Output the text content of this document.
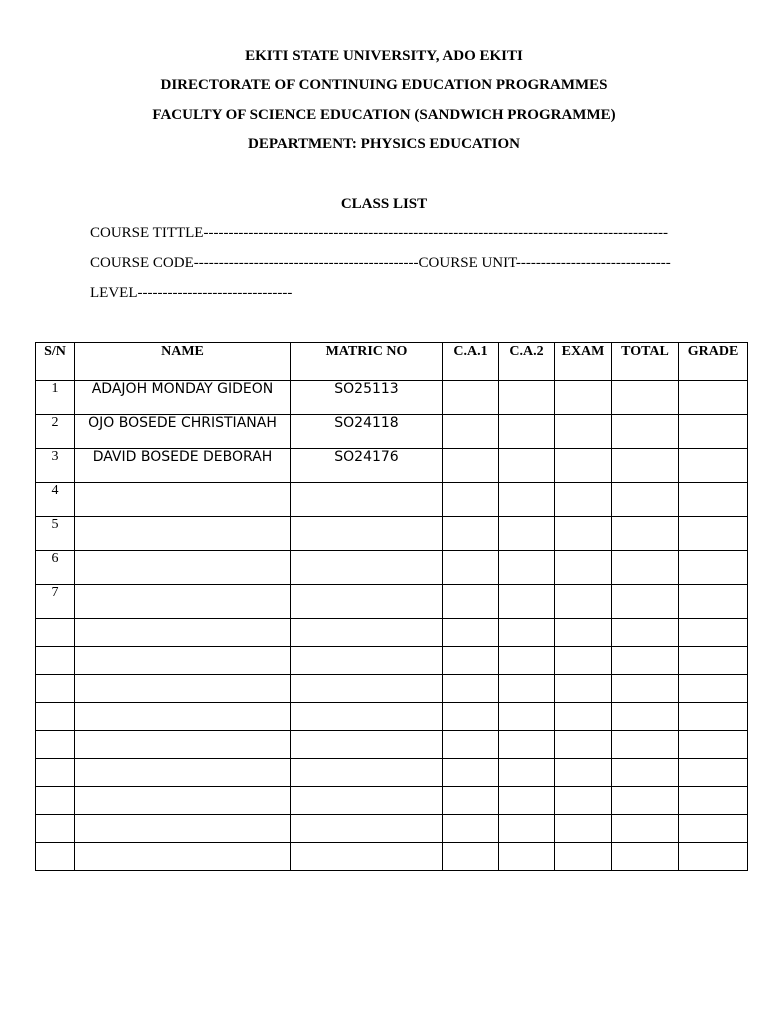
EKITI STATE UNIVERSITY, ADO EKITI
DIRECTORATE OF CONTINUING EDUCATION PROGRAMMES
FACULTY OF SCIENCE EDUCATION (SANDWICH PROGRAMME)
DEPARTMENT: PHYSICS EDUCATION
CLASS LIST
COURSE TITTLE---------------------------------------------------------------------------------------------
COURSE CODE---------------------------------------------COURSE UNIT-------------------------------
LEVEL-------------------------------
S/N	NAME	MATRIC NO	C.A.1	C.A.2	EXAM	TOTAL	GRADE
1	ADAJOH MONDAY GIDEON	SO25113					
2	OJO BOSEDE CHRISTIANAH	SO24118					
3	DAVID BOSEDE DEBORAH	SO24176					
4							
5							
6							
7							
